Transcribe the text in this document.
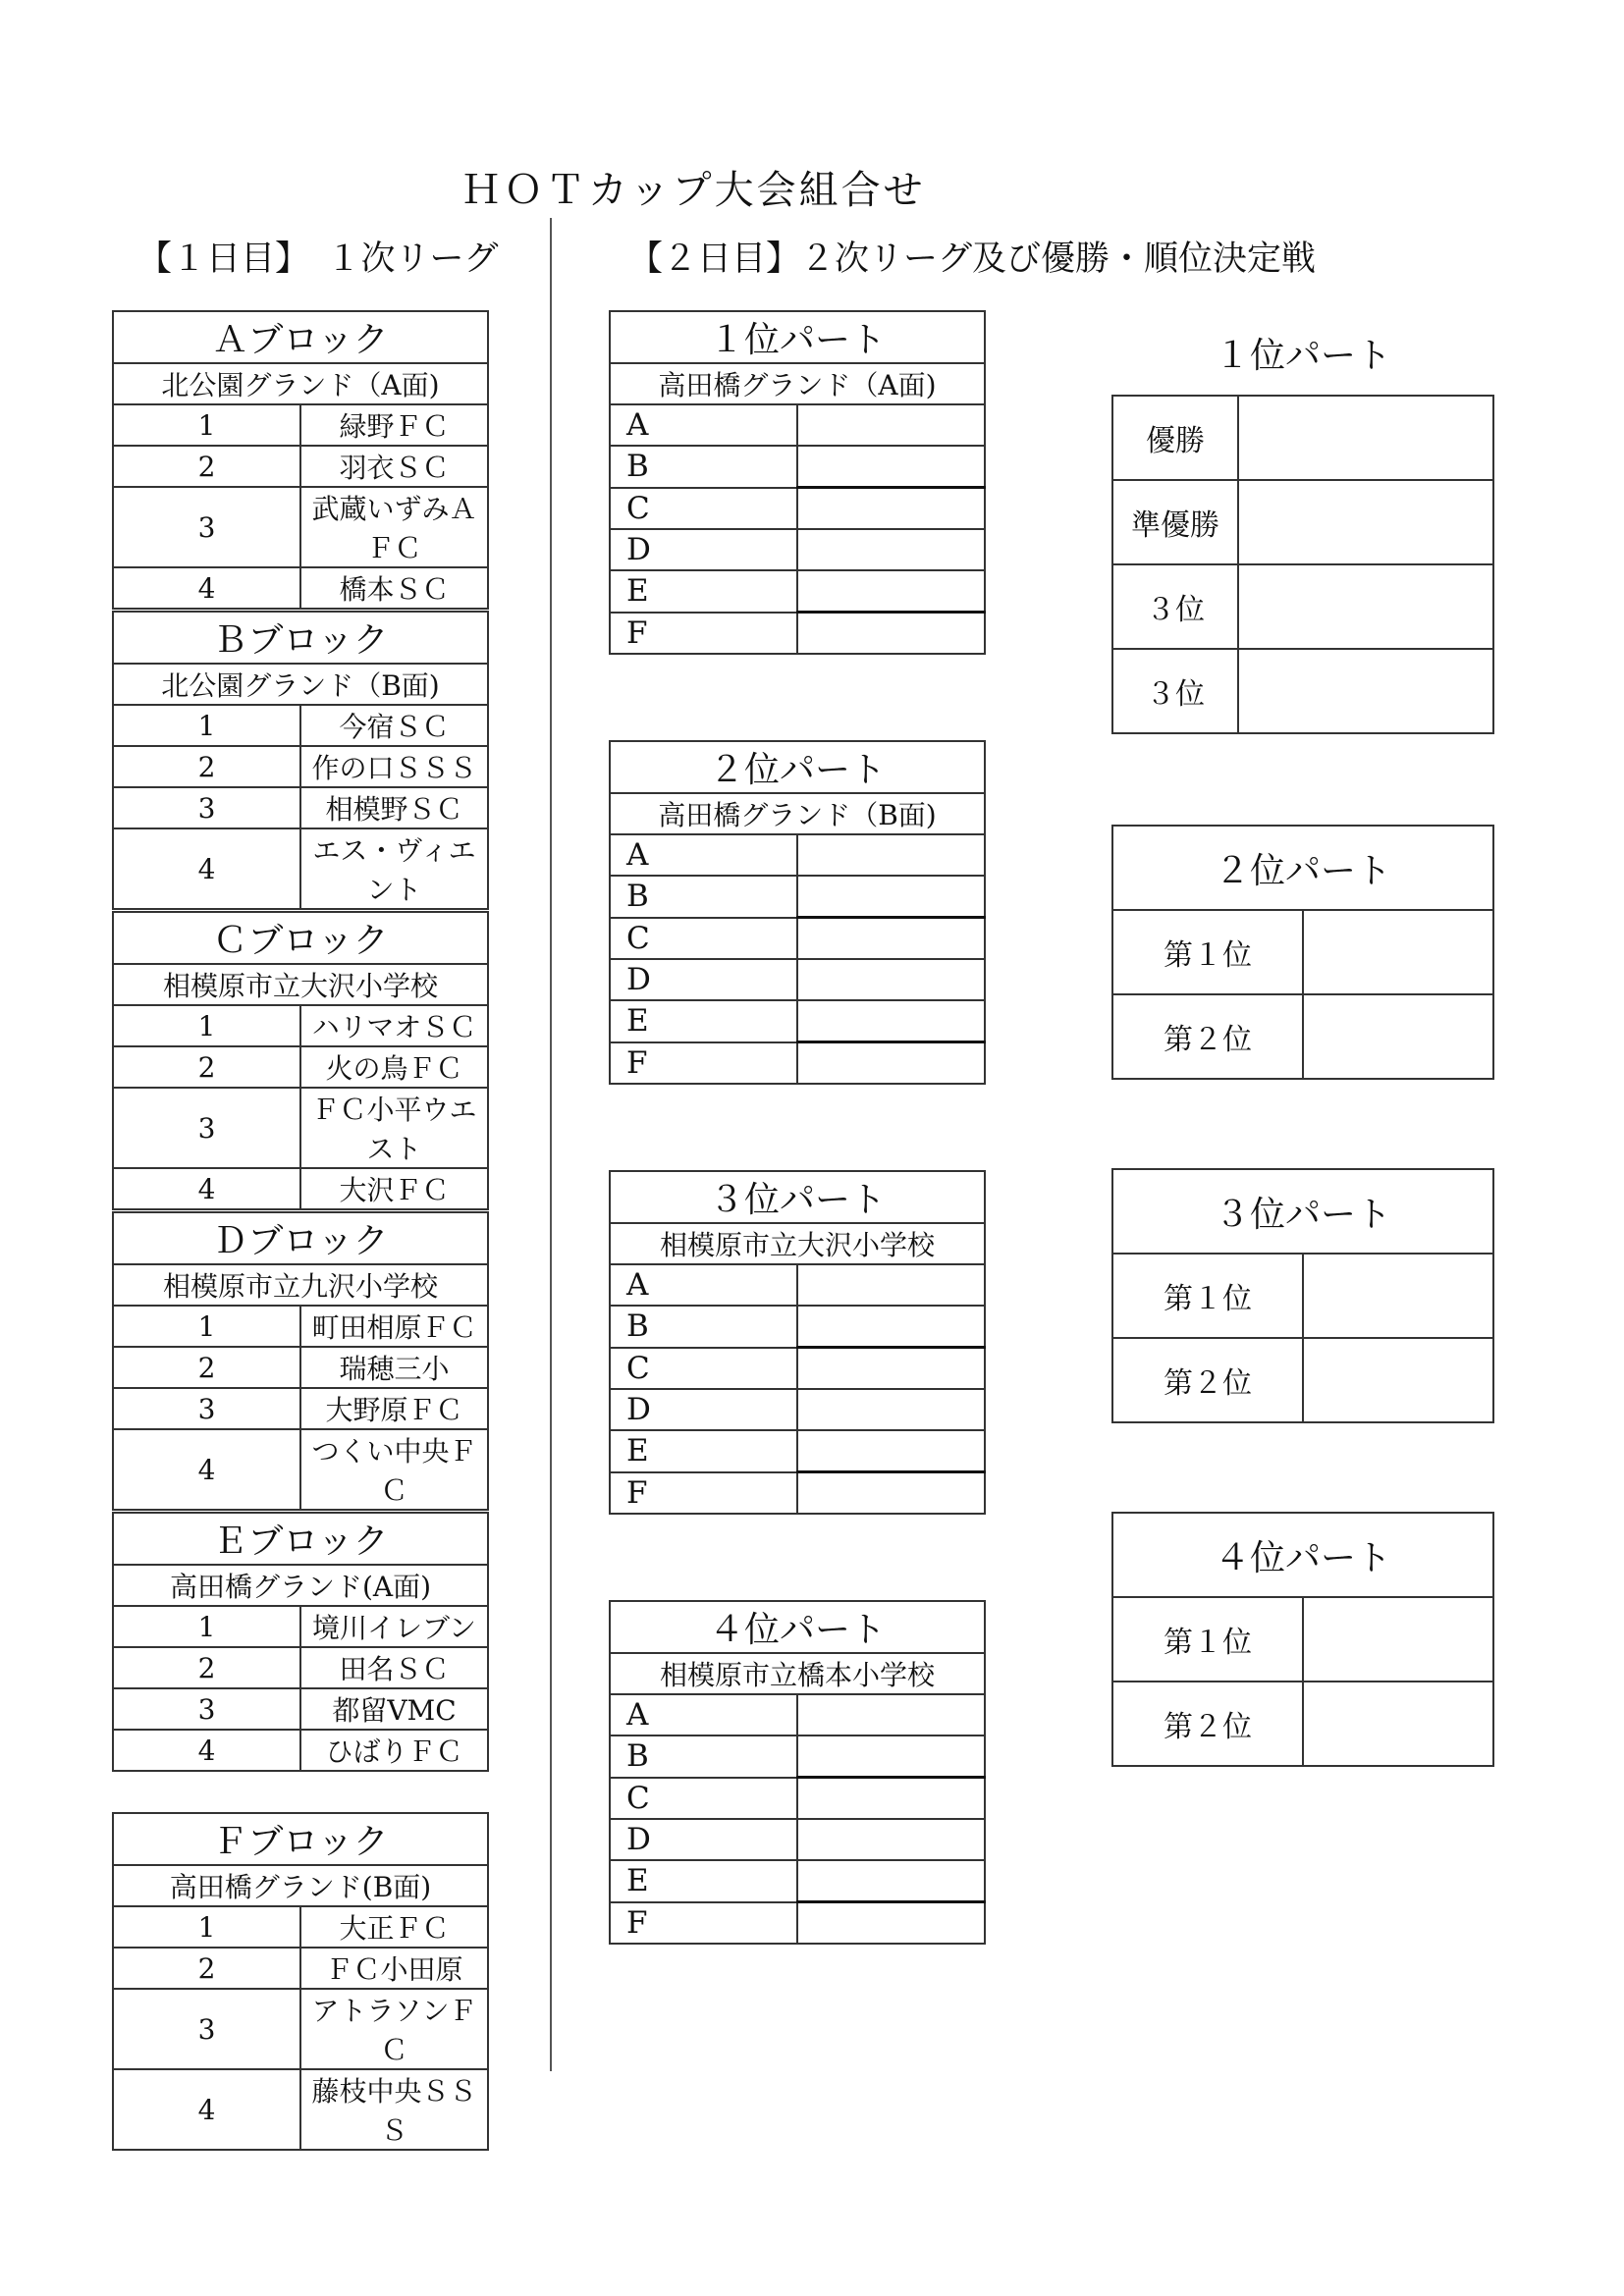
ＨＯＴカップ大会組合せ
【１日目】　１次リーグ	【２日目】２次リーグ及び優勝・順位決定戦
Ａブロック	
北公園グランド（A面)	
1	緑野ＦＣ
2	羽衣ＳＣ
3	武蔵いずみＡＦＣ
4	橋本ＳＣ
Ｂブロック	
北公園グランド（B面)	
1	今宿ＳＣ
2	作の口ＳＳＳ
3	相模野ＳＣ
4	エス・ヴィエント
Ｃブロック	
相模原市立大沢小学校	
1	ハリマオＳＣ
2	火の鳥ＦＣ
3	ＦＣ小平ウエスト
4	大沢ＦＣ
Ｄブロック	
相模原市立九沢小学校	
1	町田相原ＦＣ
2	瑞穂三小
3	大野原ＦＣ
4	つくい中央ＦＣ
Ｅブロック	
高田橋グランド(A面)	
1	境川イレブン
2	田名ＳＣ
3	都留VMC
4	ひばりＦＣ
Ｆブロック	
高田橋グランド(B面)	
1	大正ＦＣ
2	ＦＣ小田原
3	アトラソンＦＣ
4	藤枝中央ＳＳＳ
１位パート	
高田橋グランド（A面)	
A	
B	
C	
D	
E	
F	
２位パート	
高田橋グランド（B面)	
A	
B	
C	
D	
E	
F	
３位パート	
相模原市立大沢小学校	
A	
B	
C	
D	
E	
F	
４位パート	
相模原市立橋本小学校	
A	
B	
C	
D	
E	
F	
１位パート
優勝	
準優勝	
３位	
３位	
２位パート	
第１位	
第２位	
３位パート	
第１位	
第２位	
４位パート	
第１位	
第２位	
